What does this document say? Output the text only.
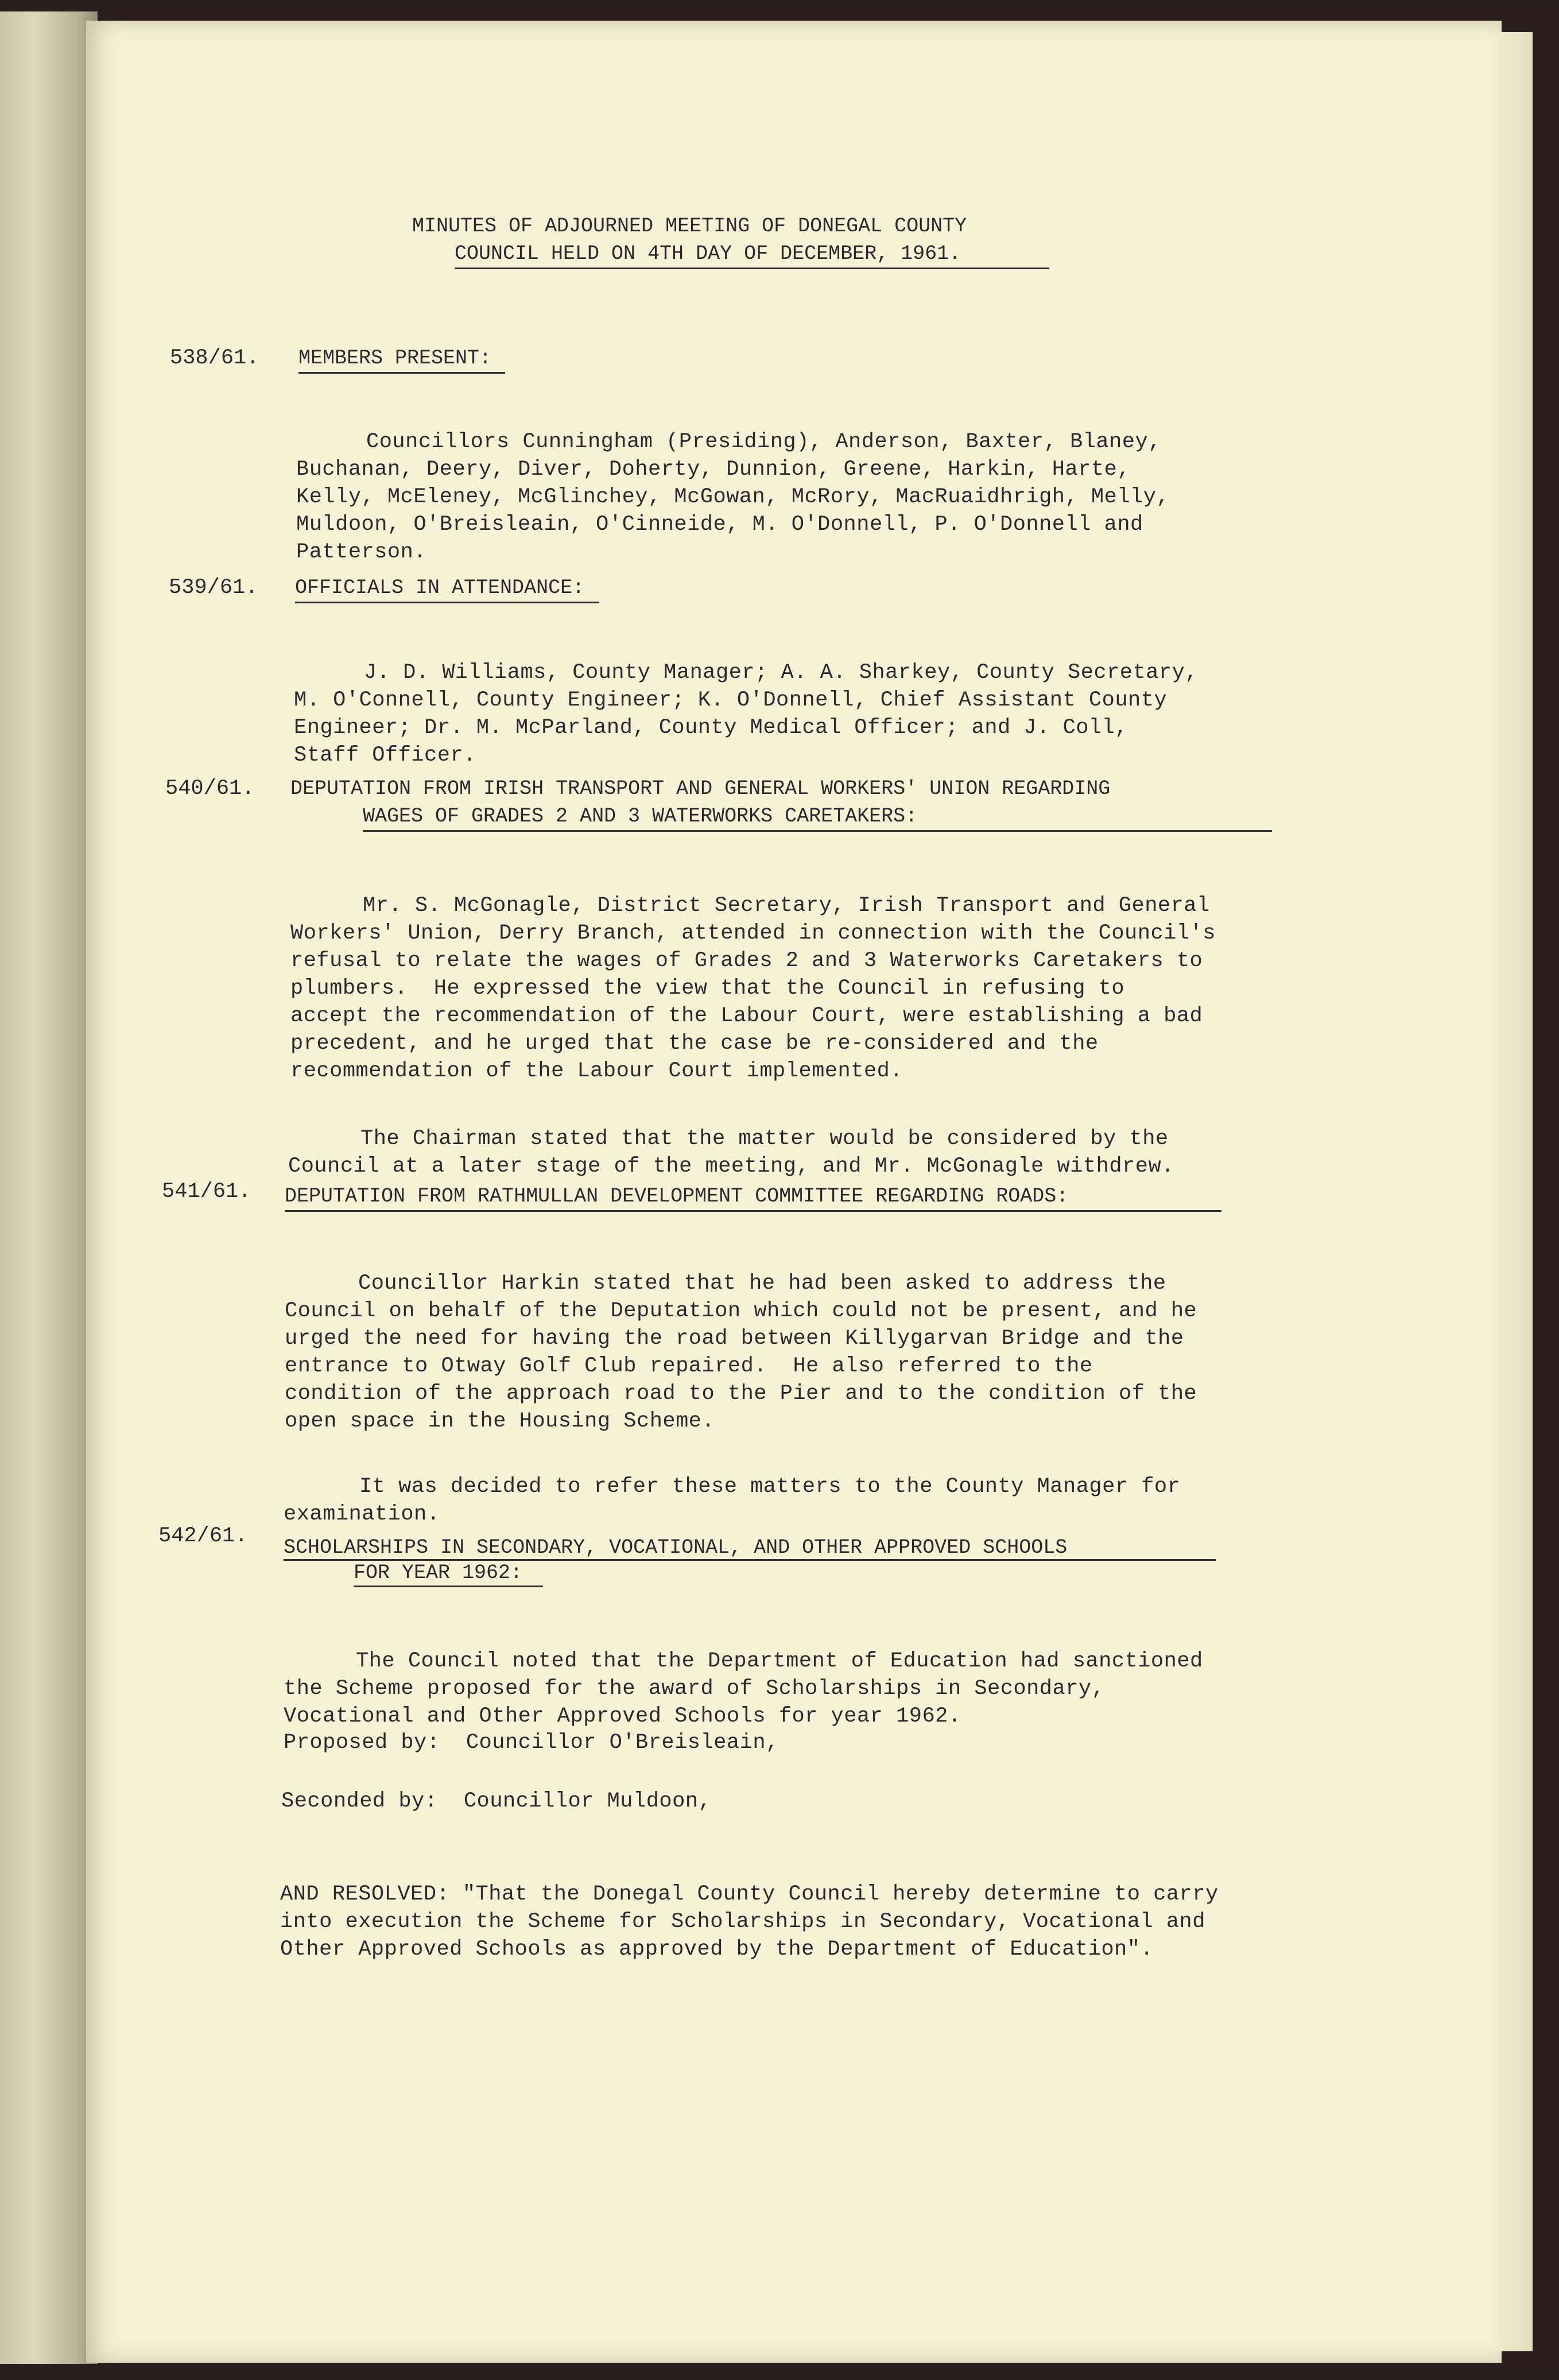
MINUTES OF ADJOURNED MEETING OF DONEGAL COUNTY
COUNCIL HELD ON 4TH DAY OF DECEMBER, 1961.
538/61. MEMBERS PRESENT:

Councillors Cunningham (Presiding), Anderson, Baxter, Blaney,
Buchanan, Deery, Diver, Doherty, Dunnion, Greene, Harkin, Harte,
Kelly, McEleney, McGlinchey, McGowan, McRory, MacRuaidhrigh, Melly,
Muldoon, O'Breisleain, O'Cinneide, M. O'Donnell, P. O'Donnell and
Patterson.

539/61. OFFICIALS IN ATTENDANCE:

J. D. Williams, County Manager; A. A. Sharkey, County Secretary,
M. O'Connell, County Engineer; K. O'Donnell, Chief Assistant County
Engineer; Dr. M. McParland, County Medical Officer; and J. Coll,
Staff Officer.

540/61. DEPUTATION FROM IRISH TRANSPORT AND GENERAL WORKERS' UNION REGARDING
WAGES OF GRADES 2 AND 3 WATERWORKS CARETAKERS:

Mr. S. McGonagle, District Secretary, Irish Transport and General
Workers' Union, Derry Branch, attended in connection with the Council's
refusal to relate the wages of Grades 2 and 3 Waterworks Caretakers to
plumbers.  He expressed the view that the Council in refusing to
accept the recommendation of the Labour Court, were establishing a bad
precedent, and he urged that the case be re-considered and the
recommendation of the Labour Court implemented.

The Chairman stated that the matter would be considered by the
Council at a later stage of the meeting, and Mr. McGonagle withdrew.

541/61. DEPUTATION FROM RATHMULLAN DEVELOPMENT COMMITTEE REGARDING ROADS:

Councillor Harkin stated that he had been asked to address the
Council on behalf of the Deputation which could not be present, and he
urged the need for having the road between Killygarvan Bridge and the
entrance to Otway Golf Club repaired.  He also referred to the
condition of the approach road to the Pier and to the condition of the
open space in the Housing Scheme.

It was decided to refer these matters to the County Manager for
examination.

542/61. SCHOLARSHIPS IN SECONDARY, VOCATIONAL, AND OTHER APPROVED SCHOOLS
FOR YEAR 1962:

The Council noted that the Department of Education had sanctioned
the Scheme proposed for the award of Scholarships in Secondary,
Vocational and Other Approved Schools for year 1962.

Proposed by:  Councillor O'Breisleain,
Seconded by:  Councillor Muldoon,

AND RESOLVED: "That the Donegal County Council hereby determine to carry
into execution the Scheme for Scholarships in Secondary, Vocational and
Other Approved Schools as approved by the Department of Education".
